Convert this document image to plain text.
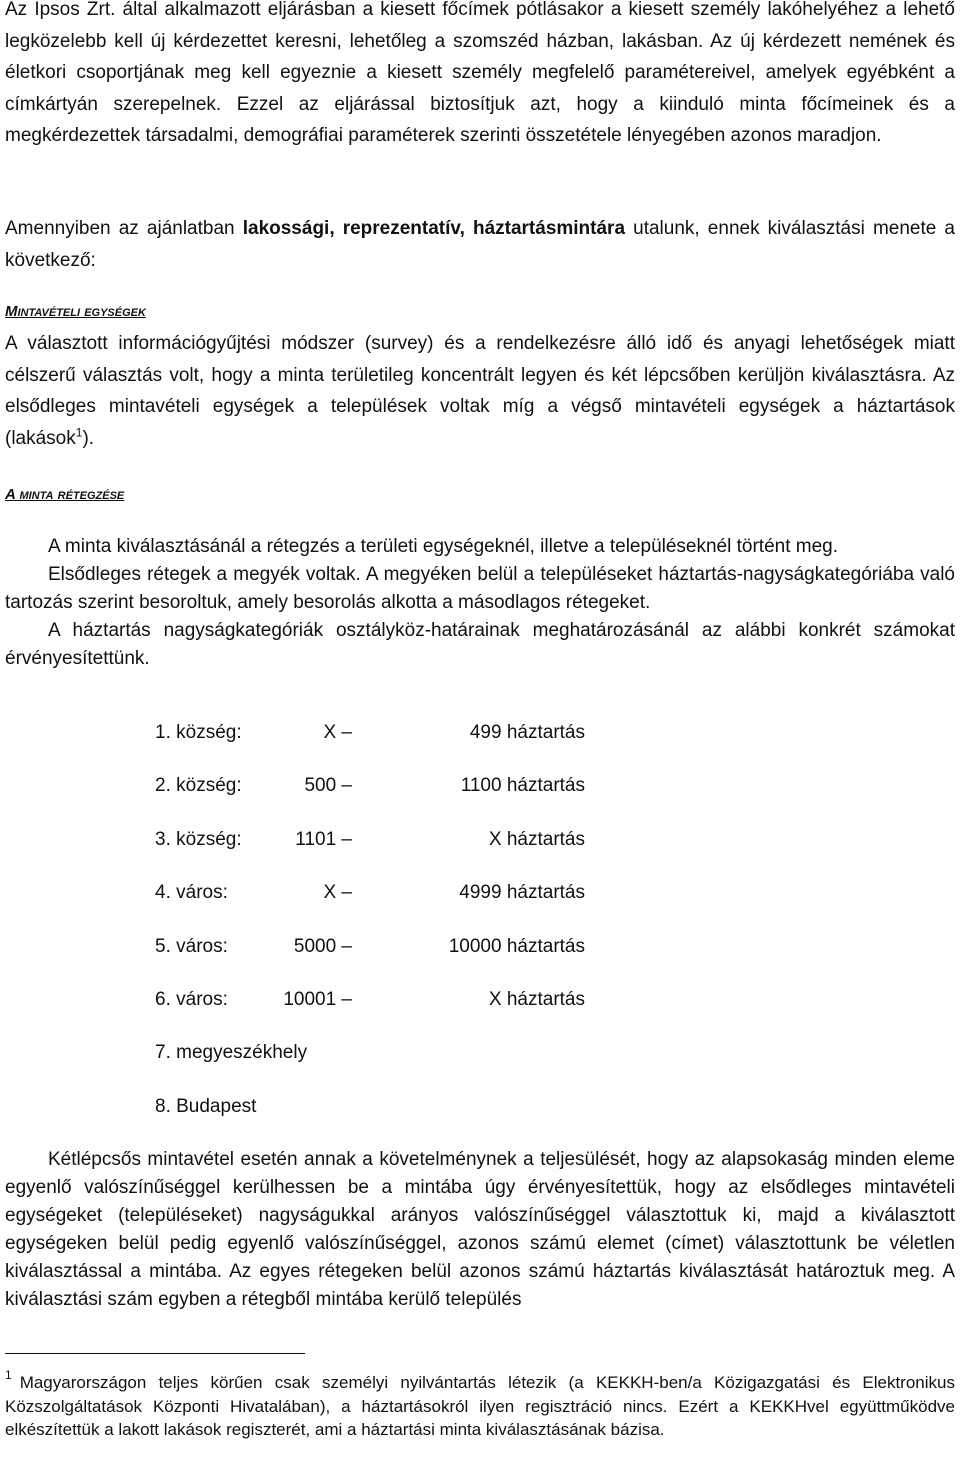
Az Ipsos Zrt. által alkalmazott eljárásban a kiesett főcímek pótlásakor a kiesett személy lakóhelyéhez a lehető legközelebb kell új kérdezettet keresni, lehetőleg a szomszéd házban, lakásban. Az új kérdezett nemének és életkori csoportjának meg kell egyeznie a kiesett személy megfelelő paramétereivel, amelyek egyébként a címkártyán szerepelnek. Ezzel az eljárással biztosítjuk azt, hogy a kiinduló minta főcímeinek és a megkérdezettek társadalmi, demográfiai paraméterek szerinti összetétele lényegében azonos maradjon.

Amennyiben az ajánlatban lakossági, reprezentatív, háztartásmintára utalunk, ennek kiválasztási menete a következő:

Mintavételi egységek

A választott információgyűjtési módszer (survey) és a rendelkezésre álló idő és anyagi lehetőségek miatt célszerű választás volt, hogy a minta területileg koncentrált legyen és két lépcsőben kerüljön kiválasztásra. Az elsődleges mintavételi egységek a települések voltak míg a végső mintavételi egységek a háztartások (lakások$^1$).

A minta rétegzése
A minta kiválasztásánál a rétegzés a területi egységeknél, illetve a településeknél történt meg.
Elsődleges rétegek a megyék voltak. A megyéken belül a településeket háztartás-nagyságkategóriába való tartozás szerint besoroltuk, amely besorolás alkotta a másodlagos rétegeket.
A háztartás nagyságkategóriák osztályköz-határainak meghatározásánál az alábbi konkrét számokat érvényesítettünk.
1. község:	X –	499 háztartás
2. község:	500 –	1100 háztartás
3. község:	1101 –	X háztartás
4. város:	X –	4999 háztartás
5. város:	5000 –	10000 háztartás
6. város:	10001 –	X háztartás
7. megyeszékhely
8. Budapest

Kétlépcsős mintavétel esetén annak a követelménynek a teljesülését, hogy az alapsokaság minden eleme egyenlő valószínűséggel kerülhessen be a mintába úgy érvényesítettük, hogy az elsődleges mintavételi egységeket (településeket) nagyságukkal arányos valószínűséggel választottuk ki, majd a kiválasztott egységeken belül pedig egyenlő valószínűséggel, azonos számú elemet (címet) választottunk be véletlen kiválasztással a mintába. Az egyes rétegeken belül azonos számú háztartás kiválasztását határoztuk meg. A kiválasztási szám egyben a rétegből mintába kerülő település

$^1$ Magyarországon teljes körűen csak személyi nyilvántartás létezik (a KEKKH-ben/a Közigazgatási és Elektronikus Közszolgáltatások Központi Hivatalában), a háztartásokról ilyen regisztráció nincs. Ezért a KEKKHvel együttműködve elkészítettük a lakott lakások regiszterét, ami a háztartási minta kiválasztásának bázisa.
